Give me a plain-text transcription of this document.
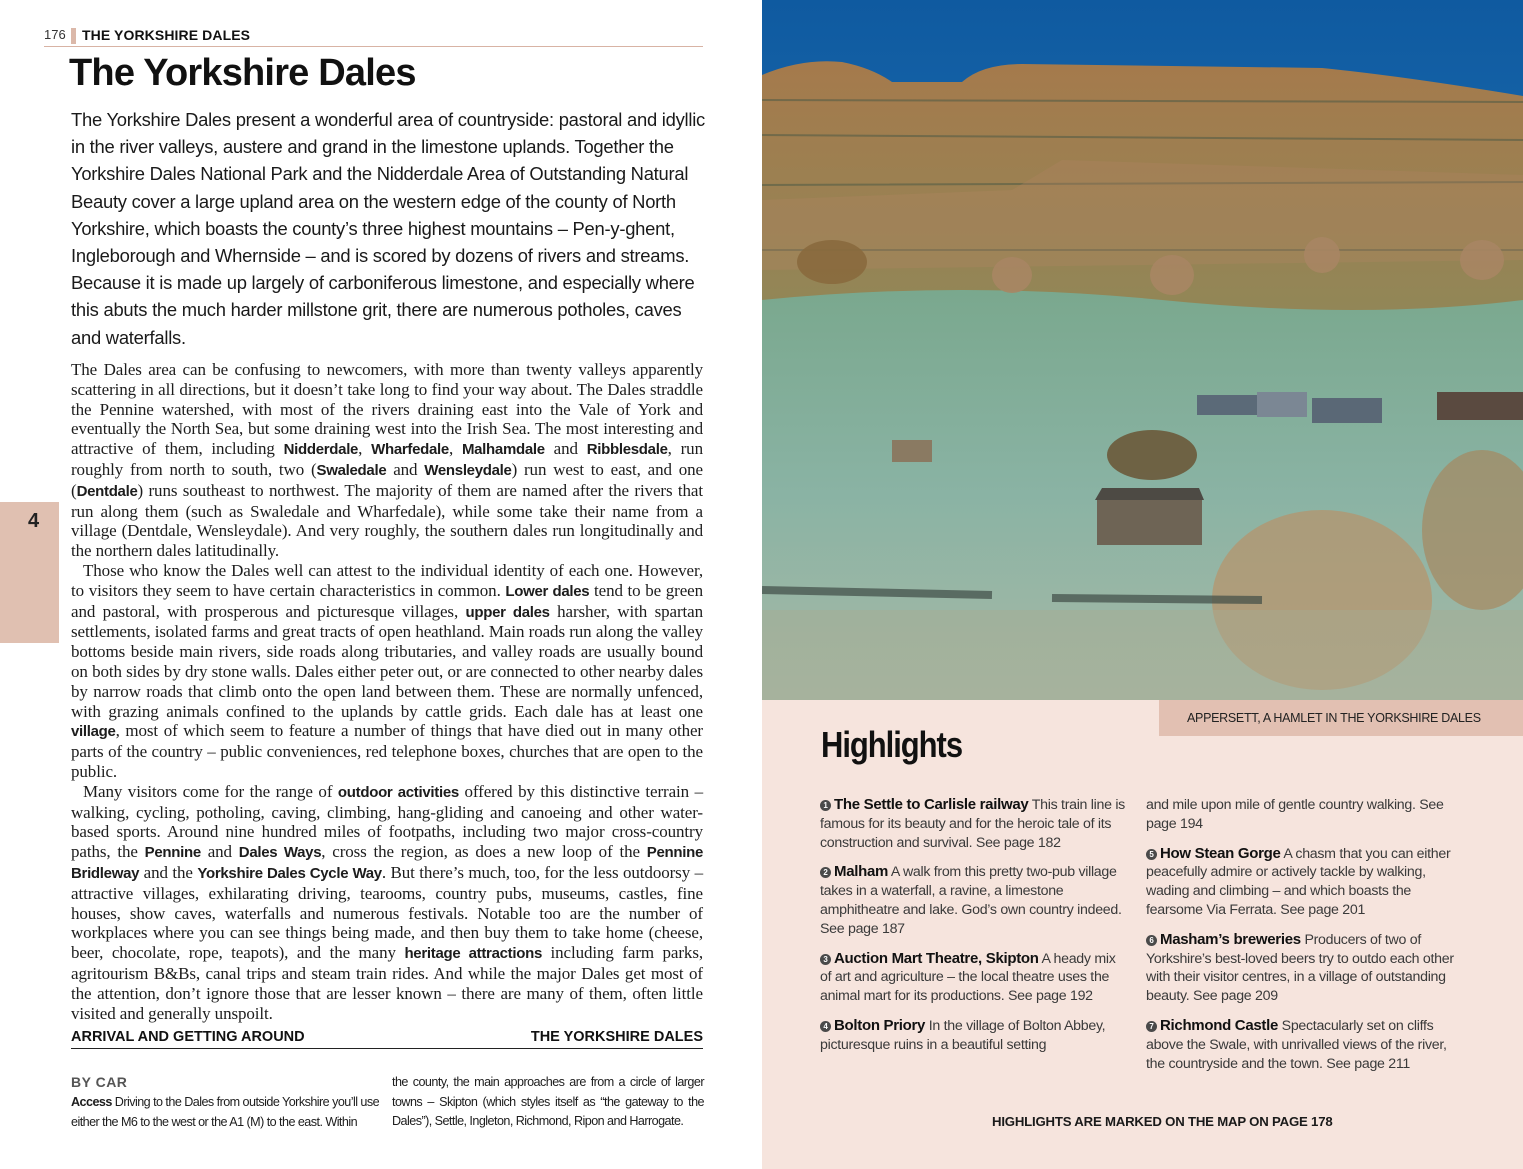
176 THE YORKSHIRE DALES
The Yorkshire Dales

The Yorkshire Dales present a wonderful area of countryside: pastoral and idyllic in the river valleys, austere and grand in the limestone uplands. Together the Yorkshire Dales National Park and the Nidderdale Area of Outstanding Natural Beauty cover a large upland area on the western edge of the county of North Yorkshire, which boasts the county’s three highest mountains – Pen-y-ghent, Ingleborough and Whernside – and is scored by dozens of rivers and streams. Because it is made up largely of carboniferous limestone, and especially where this abuts the much harder millstone grit, there are numerous potholes, caves and waterfalls.

The Dales area can be confusing to newcomers, with more than twenty valleys apparently scattering in all directions, but it doesn’t take long to find your way about. The Dales straddle the Pennine watershed, with most of the rivers draining east into the Vale of York and eventually the North Sea, but some draining west into the Irish Sea. The most interesting and attractive of them, including Nidderdale, Wharfedale, Malhamdale and Ribblesdale, run roughly from north to south, two (Swaledale and Wensleydale) run west to east, and one (Dentdale) runs southeast to northwest. The majority of them are named after the rivers that run along them (such as Swaledale and Wharfedale), while some take their name from a village (Dentdale, Wensleydale). And very roughly, the southern dales run longitudinally and the northern dales latitudinally.

Those who know the Dales well can attest to the individual identity of each one. However, to visitors they seem to have certain characteristics in common. Lower dales tend to be green and pastoral, with prosperous and picturesque villages, upper dales harsher, with spartan settlements, isolated farms and great tracts of open heathland. Main roads run along the valley bottoms beside main rivers, side roads along tributaries, and valley roads are usually bound on both sides by dry stone walls. Dales either peter out, or are connected to other nearby dales by narrow roads that climb onto the open land between them. These are normally unfenced, with grazing animals confined to the uplands by cattle grids. Each dale has at least one village, most of which seem to feature a number of things that have died out in many other parts of the country – public conveniences, red telephone boxes, churches that are open to the public.

Many visitors come for the range of outdoor activities offered by this distinctive terrain – walking, cycling, potholing, caving, climbing, hang-gliding and canoeing and other water-based sports. Around nine hundred miles of footpaths, including two major cross-country paths, the Pennine and Dales Ways, cross the region, as does a new loop of the Pennine Bridleway and the Yorkshire Dales Cycle Way. But there’s much, too, for the less outdoorsy – attractive villages, exhilarating driving, tearooms, country pubs, museums, castles, fine houses, show caves, waterfalls and numerous festivals. Notable too are the number of workplaces where you can see things being made, and then buy them to take home (cheese, beer, chocolate, rope, teapots), and the many heritage attractions including farm parks, agritourism B&Bs, canal trips and steam train rides. And while the major Dales get most of the attention, don’t ignore those that are lesser known – there are many of them, often little visited and generally unspoilt.

4
ARRIVAL AND GETTING AROUND	THE YORKSHIRE DALES
BY CAR
Access Driving to the Dales from outside Yorkshire you’ll use either the M6 to the west or the A1 (M) to the east. Within
the county, the main approaches are from a circle of larger towns – Skipton (which styles itself as “the gateway to the Dales”), Settle, Ingleton, Richmond, Ripon and Harrogate.
APPERSETT, A HAMLET IN THE YORKSHIRE DALES
Highlights

1 The Settle to Carlisle railway This train line is famous for its beauty and for the heroic tale of its construction and survival. See page 182

2 Malham A walk from this pretty two-pub village takes in a waterfall, a ravine, a limestone amphitheatre and lake. God’s own country indeed. See page 187

3 Auction Mart Theatre, Skipton A heady mix of art and agriculture – the local theatre uses the animal mart for its productions. See page 192

4 Bolton Priory In the village of Bolton Abbey, picturesque ruins in a beautiful setting

and mile upon mile of gentle country walking. See page 194

5 How Stean Gorge A chasm that you can either peacefully admire or actively tackle by walking, wading and climbing – and which boasts the fearsome Via Ferrata. See page 201

6 Masham’s breweries Producers of two of Yorkshire’s best-loved beers try to outdo each other with their visitor centres, in a village of outstanding beauty. See page 209

7 Richmond Castle Spectacularly set on cliffs above the Swale, with unrivalled views of the river, the countryside and the town. See page 211

HIGHLIGHTS ARE MARKED ON THE MAP ON PAGE 178
